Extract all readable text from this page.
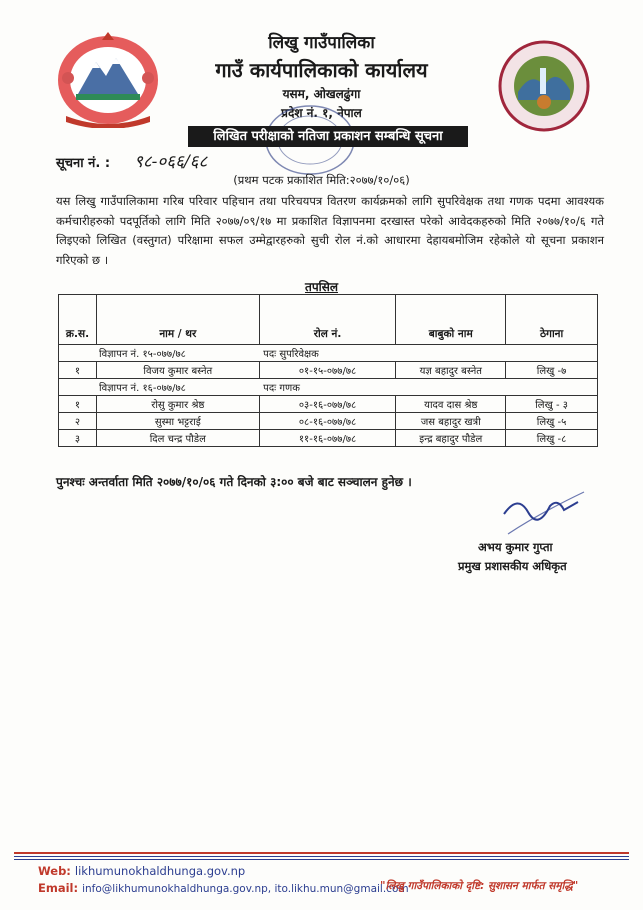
लिखु गाउँपालिका
गाउँ कार्यपालिकाको कार्यालय
यसम, ओखलढुंगा
प्रदेश नं. १, नेपाल
लिखित परीक्षाको नतिजा प्रकाशन सम्बन्धि सूचना
सूचना नं. : ९८-०६६/६८
(प्रथम पटक प्रकाशित मिति:२०७७/१०/०६)
यस लिखु गाउँपालिकामा गरिब परिवार पहिचान तथा परिचयपत्र वितरण कार्यक्रमको लागि सुपरिवेक्षक तथा गणक पदमा आवश्यक कर्मचारीहरुको पदपूर्तिको लागि मिति २०७७/०९/१७ मा प्रकाशित विज्ञापनमा दरखास्त परेको आवेदकहरुको मिति २०७७/१०/६ गते लिइएको लिखित (वस्तुगत) परिक्षामा सफल उम्मेद्वारहरुको सुची रोल नं.को आधारमा देहायबमोजिम रहेकोले यो सूचना प्रकाशन गरिएको छ ।
तपसिल
क्र.स.	नाम / थर	रोल नं.	बाबुको नाम	ठेगाना
विज्ञापन नं. १५-०७७/७८		पदः सुपरिवेक्षक		
१	विजय कुमार बस्नेत	०१-१५-०७७/७८	यज्ञ बहादुर बस्नेत	लिखु -७
विज्ञापन नं. १६-०७७/७८		पदः गणक		
१	रोसु कुमार श्रेष्ठ	०३-१६-०७७/७८	यादव दास श्रेष्ठ	लिखु - ३
२	सुस्मा भट्टराई	०८-१६-०७७/७८	जस बहादुर खत्री	लिखु -५
३	दिल चन्द्र पौडेल	११-१६-०७७/७८	इन्द्र बहादुर पौडेल	लिखु -८
पुनश्चः अन्तर्वाता मिति २०७७/१०/०६ गते दिनको ३:०० बजे बाट सञ्चालन हुनेछ ।
अभय कुमार गुप्ता
प्रमुख प्रशासकीय अधिकृत
Web: likhumunokhaldhunga.gov.np
Email: info@likhumunokhaldhunga.gov.np, ito.likhu.mun@gmail.com
"लिखु गाउँपालिकाको दृष्टि: सुशासन मार्फत समृद्धि"
